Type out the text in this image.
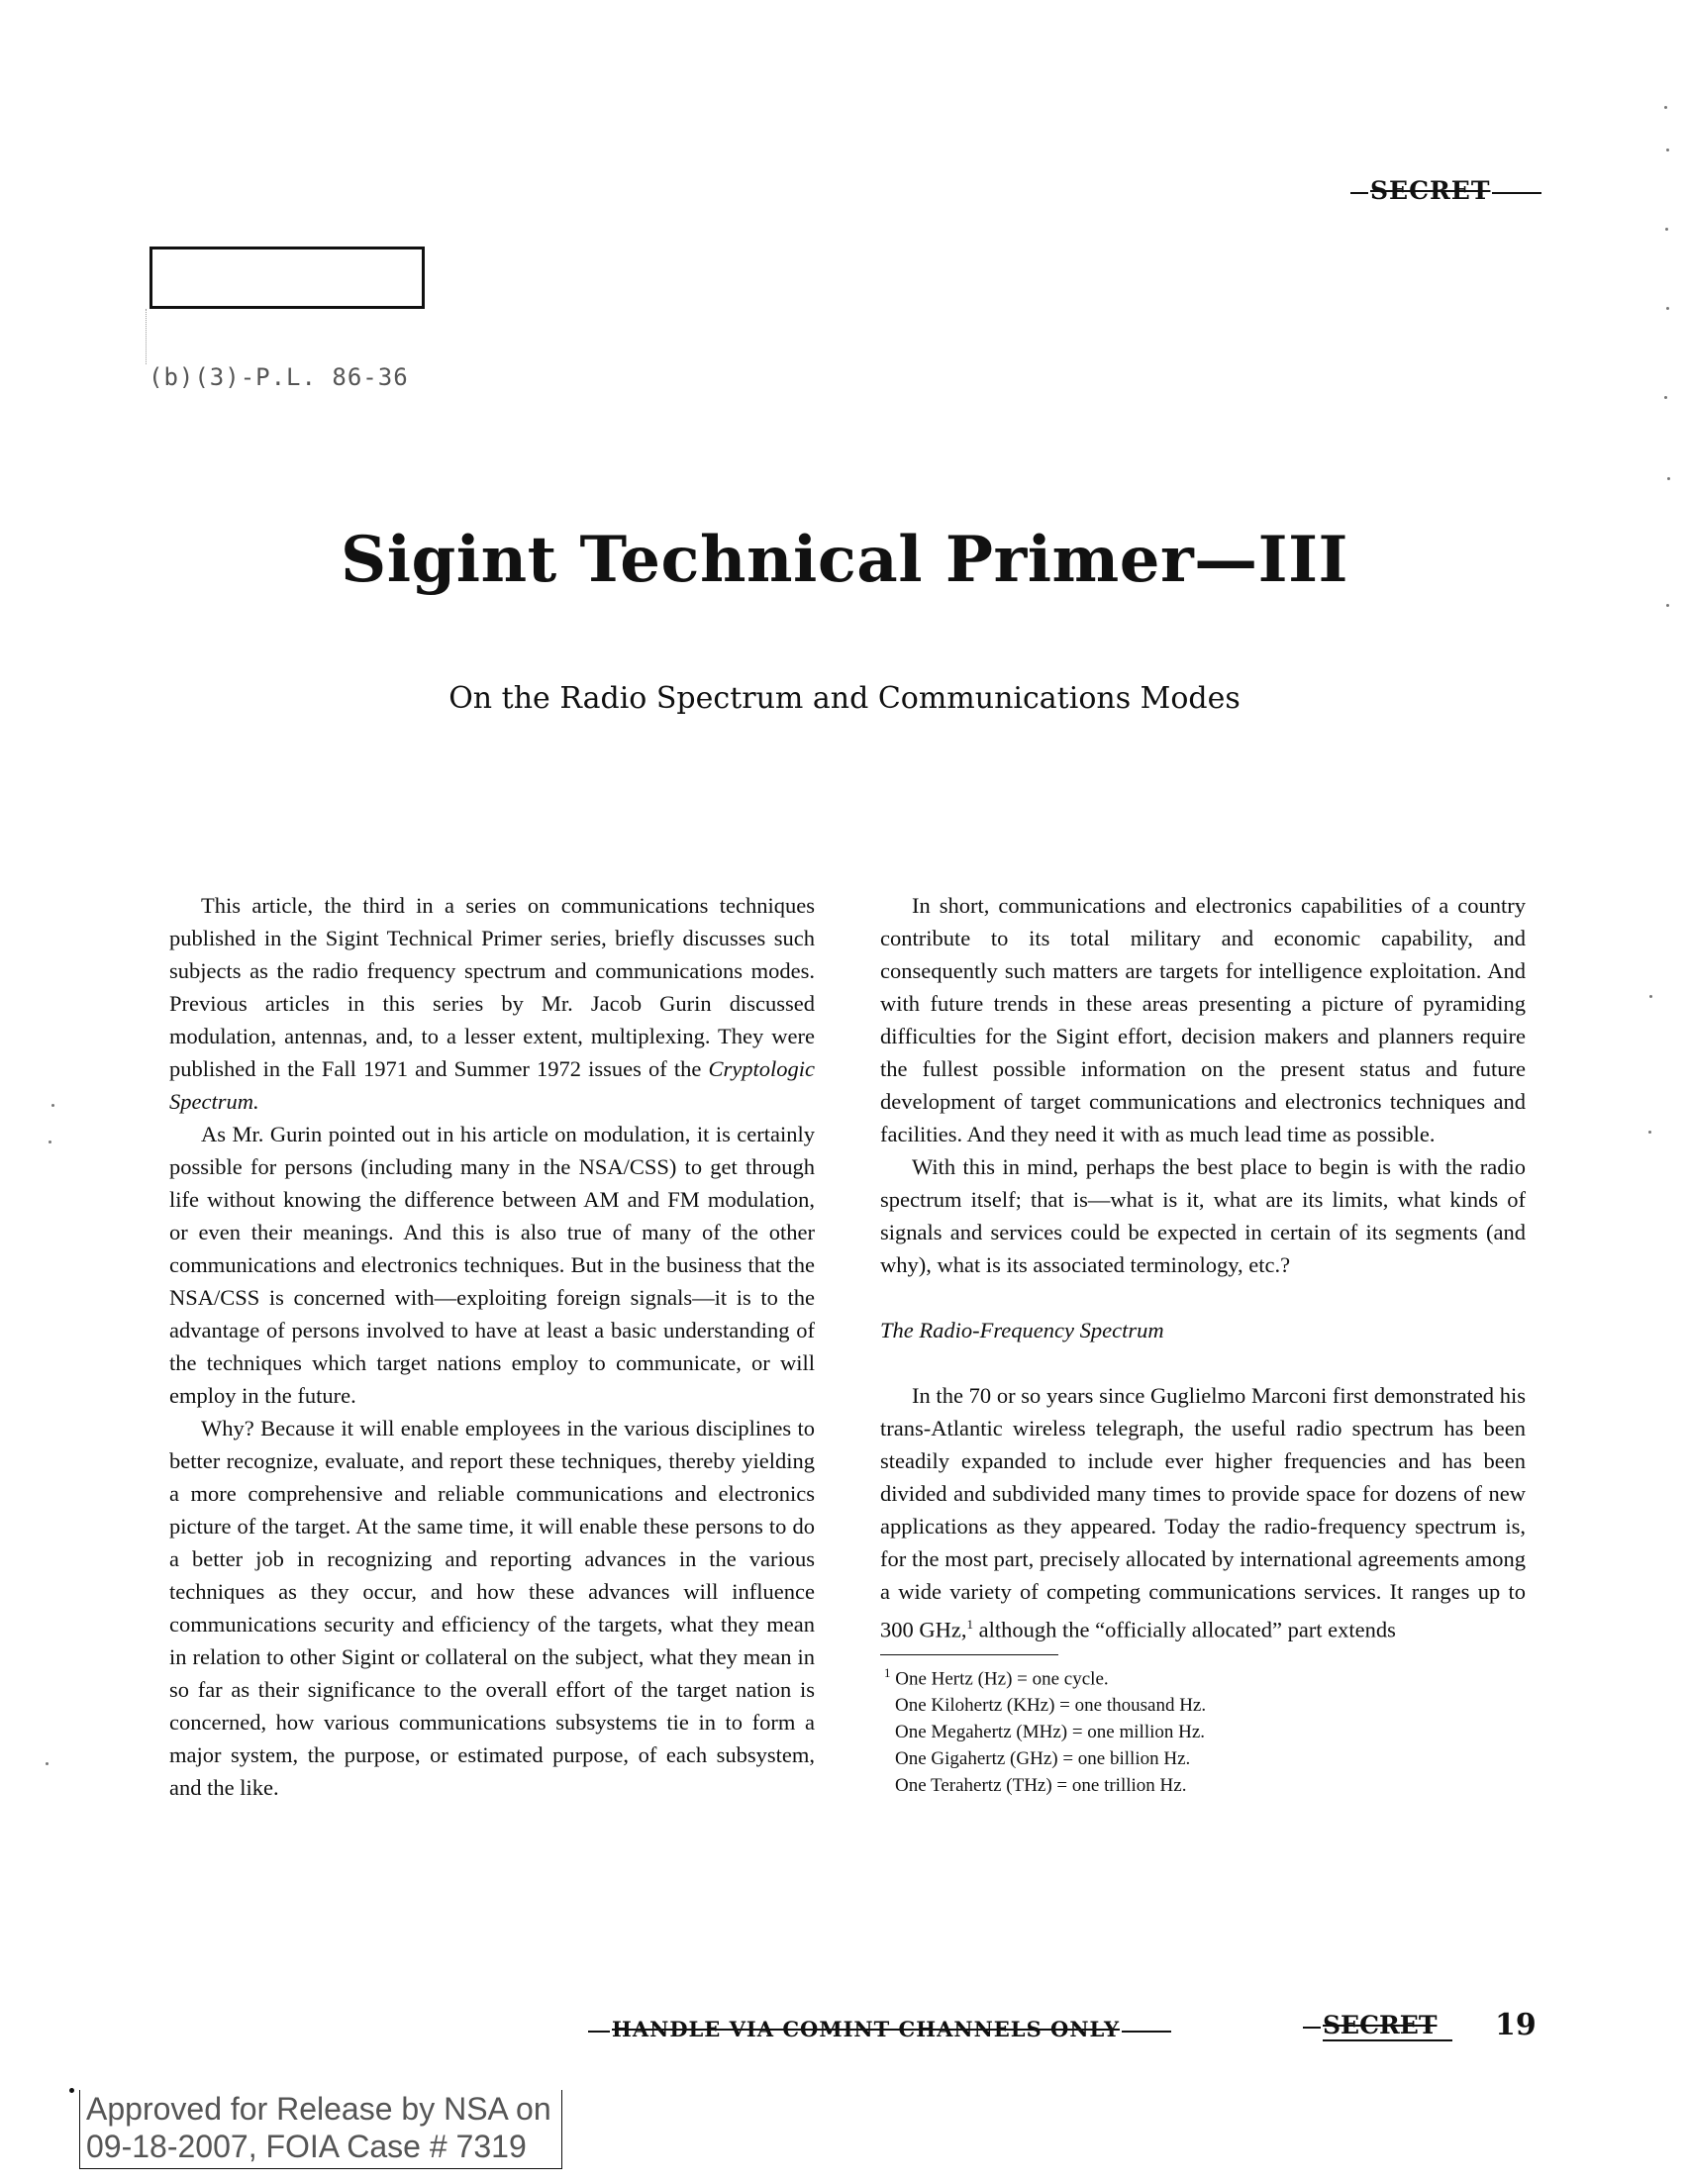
SECRET
(b)(3)-P.L. 86-36
Sigint Technical Primer—III
On the Radio Spectrum and Communications Modes

This article, the third in a series on communications techniques published in the Sigint Technical Primer series, briefly discusses such subjects as the radio frequency spectrum and communications modes. Previous articles in this series by Mr. Jacob Gurin discussed modulation, antennas, and, to a lesser extent, multiplexing. They were published in the Fall 1971 and Summer 1972 issues of the Cryptologic Spectrum.

As Mr. Gurin pointed out in his article on modulation, it is certainly possible for persons (including many in the NSA/CSS) to get through life without knowing the difference between AM and FM modulation, or even their meanings. And this is also true of many of the other communications and electronics techniques. But in the business that the NSA/CSS is concerned with—exploiting foreign signals—it is to the advantage of persons involved to have at least a basic understanding of the techniques which target nations employ to communicate, or will employ in the future.

Why? Because it will enable employees in the various disciplines to better recognize, evaluate, and report these techniques, thereby yielding a more comprehensive and reliable communications and electronics picture of the target. At the same time, it will enable these persons to do a better job in recognizing and reporting advances in the various techniques as they occur, and how these advances will influence communications security and efficiency of the targets, what they mean in relation to other Sigint or collateral on the subject, what they mean in so far as their significance to the overall effort of the target nation is concerned, how various communications subsystems tie in to form a major system, the purpose, or estimated purpose, of each subsystem, and the like.

In short, communications and electronics capabilities of a country contribute to its total military and economic capability, and consequently such matters are targets for intelligence exploitation. And with future trends in these areas presenting a picture of pyramiding difficulties for the Sigint effort, decision makers and planners require the fullest possible information on the present status and future development of target communications and electronics techniques and facilities. And they need it with as much lead time as possible.

With this in mind, perhaps the best place to begin is with the radio spectrum itself; that is—what is it, what are its limits, what kinds of signals and services could be expected in certain of its segments (and why), what is its associated terminology, etc.?

The Radio-Frequency Spectrum

In the 70 or so years since Guglielmo Marconi first demonstrated his trans-Atlantic wireless telegraph, the useful radio spectrum has been steadily expanded to include ever higher frequencies and has been divided and subdivided many times to provide space for dozens of new applications as they appeared. Today the radio-frequency spectrum is, for the most part, precisely allocated by international agreements among a wide variety of competing communications services. It ranges up to 300 GHz,$^1$ although the “officially allocated” part extends

$^1$ One Hertz (Hz) = one cycle.
One Kilohertz (KHz) = one thousand Hz.
One Megahertz (MHz) = one million Hz.
One Gigahertz (GHz) = one billion Hz.
One Terahertz (THz) = one trillion Hz.
HANDLE VIA COMINT CHANNELS ONLY	SECRET	19
Approved for Release by NSA on
09-18-2007, FOIA Case # 7319
